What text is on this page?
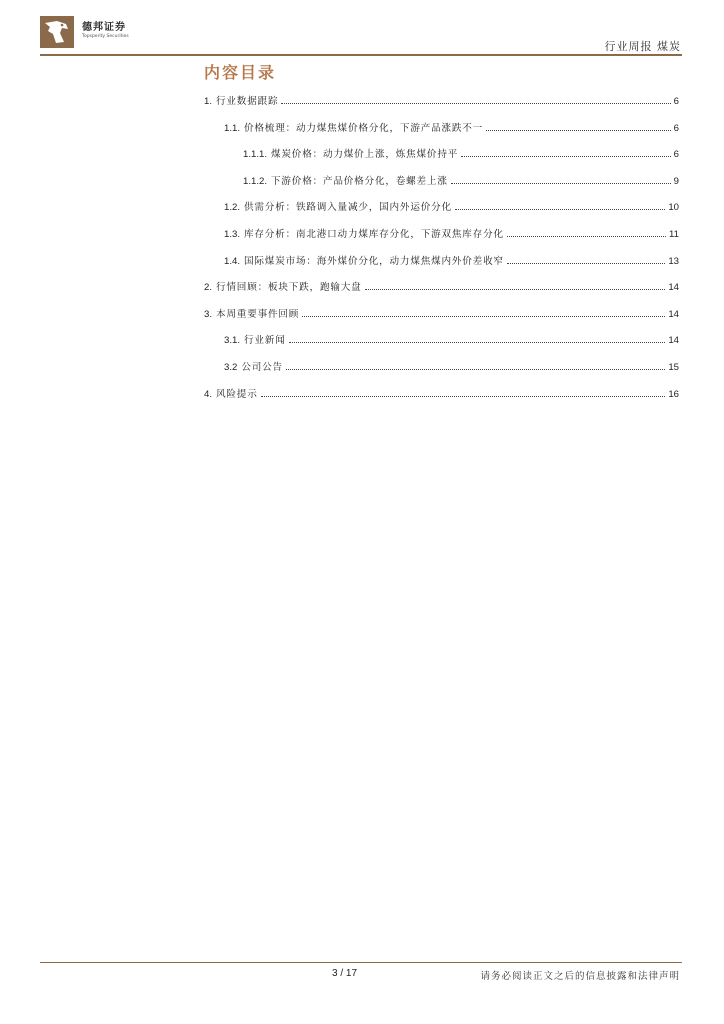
德邦证券
Topsperity Securities
行业周报 煤炭
内容目录
1. 行业数据跟踪	6
1.1. 价格梳理：动力煤焦煤价格分化，下游产品涨跌不一	6
1.1.1. 煤炭价格：动力煤价上涨，炼焦煤价持平	6
1.1.2. 下游价格：产品价格分化，卷螺差上涨	9
1.2. 供需分析：铁路调入量减少，国内外运价分化	10
1.3. 库存分析：南北港口动力煤库存分化，下游双焦库存分化	11
1.4. 国际煤炭市场：海外煤价分化，动力煤焦煤内外价差收窄	13
2. 行情回顾：板块下跌，跑输大盘	14
3. 本周重要事件回顾	14
3.1. 行业新闻	14
3.2 公司公告	15
4. 风险提示	16
3 / 17	请务必阅读正文之后的信息披露和法律声明
